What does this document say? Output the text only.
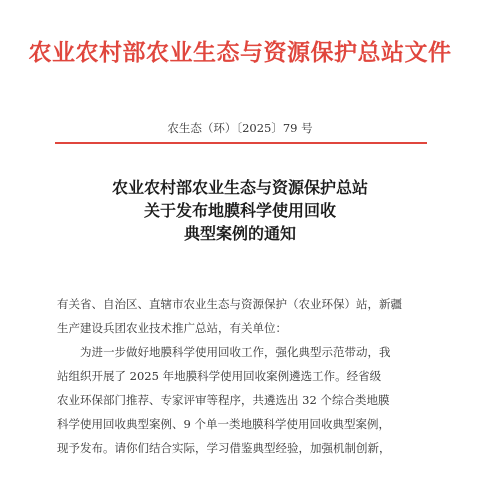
农业农村部农业生态与资源保护总站文件
农生态（环）〔2025〕79 号
农业农村部农业生态与资源保护总站
关于发布地膜科学使用回收
典型案例的通知

有关省、自治区、直辖市农业生态与资源保护（农业环保）站，新疆
生产建设兵团农业技术推广总站，有关单位：

为进一步做好地膜科学使用回收工作，强化典型示范带动，我
站组织开展了 2025 年地膜科学使用回收案例遴选工作。经省级
农业环保部门推荐、专家评审等程序，共遴选出 32 个综合类地膜
科学使用回收典型案例、9 个单一类地膜科学使用回收典型案例，
现予发布。请你们结合实际，学习借鉴典型经验，加强机制创新，
